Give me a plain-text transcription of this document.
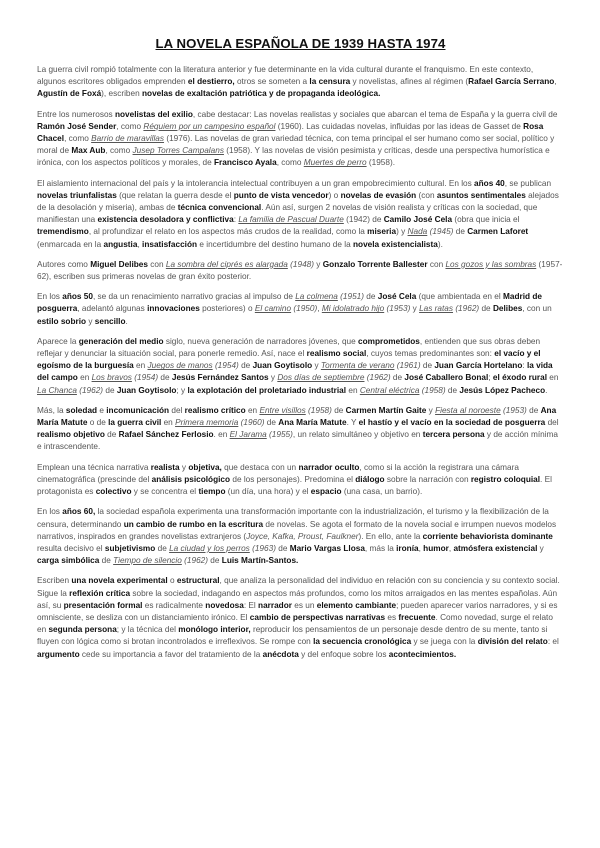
LA NOVELA ESPAÑOLA DE 1939 HASTA 1974

La guerra civil rompió totalmente con la literatura anterior y fue determinante en la vida cultural durante el franquismo. En este contexto, algunos escritores obligados emprenden el destierro, otros se someten a la censura y novelistas, afines al régimen (Rafael García Serrano, Agustín de Foxá), escriben novelas de exaltación patriótica y de propaganda ideológica.

Entre los numerosos novelistas del exilio, cabe destacar: Las novelas realistas y sociales que abarcan el tema de España y la guerra civil de Ramón José Sender, como Réquiem por un campesino español (1960). Las cuidadas novelas, influidas por las ideas de Gasset de Rosa Chacel, como Barrio de maravillas (1976). Las novelas de gran variedad técnica, con tema principal el ser humano como ser social, político y moral de Max Aub, como Jusep Torres Campalans (1958). Y las novelas de visión pesimista y críticas, desde una perspectiva humorística e irónica, con los aspectos políticos y morales, de Francisco Ayala, como Muertes de perro (1958).

El aislamiento internacional del país y la intolerancia intelectual contribuyen a un gran empobrecimiento cultural. En los años 40, se publican novelas triunfalistas (que relatan la guerra desde el punto de vista vencedor) o novelas de evasión (con asuntos sentimentales alejados de la desolación y miseria), ambas de técnica convencional. Aún así, surgen 2 novelas de visión realista y críticas con la sociedad, que manifiestan una existencia desoladora y conflictiva: La familia de Pascual Duarte (1942) de Camilo José Cela (obra que inicia el tremendismo, al profundizar el relato en los aspectos más crudos de la realidad, como la miseria) y Nada (1945) de Carmen Laforet (enmarcada en la angustia, insatisfacción e incertidumbre del destino humano de la novela existencialista).

Autores como Miguel Delibes con La sombra del ciprés es alargada (1948) y Gonzalo Torrente Ballester con Los gozos y las sombras (1957-62), escriben sus primeras novelas de gran éxito posterior.

En los años 50, se da un renacimiento narrativo gracias al impulso de La colmena (1951) de José Cela (que ambientada en el Madrid de posguerra, adelantó algunas innovaciones posteriores) o El camino (1950), Mi idolatrado hijo (1953) y Las ratas (1962) de Delibes, con un estilo sobrio y sencillo.

Aparece la generación del medio siglo, nueva generación de narradores jóvenes, que comprometidos, entienden que sus obras deben reflejar y denunciar la situación social, para ponerle remedio. Así, nace el realismo social, cuyos temas predominantes son: el vacío y el egoísmo de la burguesía en Juegos de manos (1954) de Juan Goytisolo y Tormenta de verano (1961) de Juan García Hortelano: la vida del campo en Los bravos (1954) de Jesús Fernández Santos y Dos días de septiembre (1962) de José Caballero Bonal; el éxodo rural en La Chanca (1962) de Juan Goytisolo; y la explotación del proletariado industrial en Central eléctrica (1958) de Jesús López Pacheco.

Más, la soledad e incomunicación del realismo crítico en Entre visillos (1958) de Carmen Martín Gaite y Fiesta al noroeste (1953) de Ana María Matute o de la guerra civil en Primera memoria (1960) de Ana María Matute. Y el hastío y el vacío en la sociedad de posguerra del realismo objetivo de Rafael Sánchez Ferlosio. en El Jarama (1955), un relato simultáneo y objetivo en tercera persona y de acción mínima e intrascendente.

Emplean una técnica narrativa realista y objetiva, que destaca con un narrador oculto, como si la acción la registrara una cámara cinematográfica (prescinde del análisis psicológico de los personajes). Predomina el diálogo sobre la narración con registro coloquial. El protagonista es colectivo y se concentra el tiempo (un día, una hora) y el espacio (una casa, un barrio).

En los años 60, la sociedad española experimenta una transformación importante con la industrialización, el turismo y la flexibilización de la censura, determinando un cambio de rumbo en la escritura de novelas. Se agota el formato de la novela social e irrumpen nuevos modelos narrativos, inspirados en grandes novelistas extranjeros (Joyce, Kafka, Proust, Faulkner). En ello, ante la corriente behaviorista dominante resulta decisivo el subjetivismo de La ciudad y los perros (1963) de Mario Vargas Llosa, más la ironía, humor, atmósfera existencial y carga simbólica de Tiempo de silencio (1962) de Luis Martín-Santos.

Escriben una novela experimental o estructural, que analiza la personalidad del individuo en relación con su conciencia y su contexto social. Sigue la reflexión crítica sobre la sociedad, indagando en aspectos más profundos, como los mitos arraigados en las mentes españolas. Aún así, su presentación formal es radicalmente novedosa: El narrador es un elemento cambiante; pueden aparecer varios narradores, y si es omnisciente, se desliza con un distanciamiento irónico. El cambio de perspectivas narrativas es frecuente. Como novedad, surge el relato en segunda persona; y la técnica del monólogo interior, reproducir los pensamientos de un personaje desde dentro de su mente, tanto si fluyen con lógica como si brotan incontrolados e irreflexivos. Se rompe con la secuencia cronológica y se juega con la división del relato: el argumento cede su importancia a favor del tratamiento de la anécdota y del enfoque sobre los acontecimientos.
